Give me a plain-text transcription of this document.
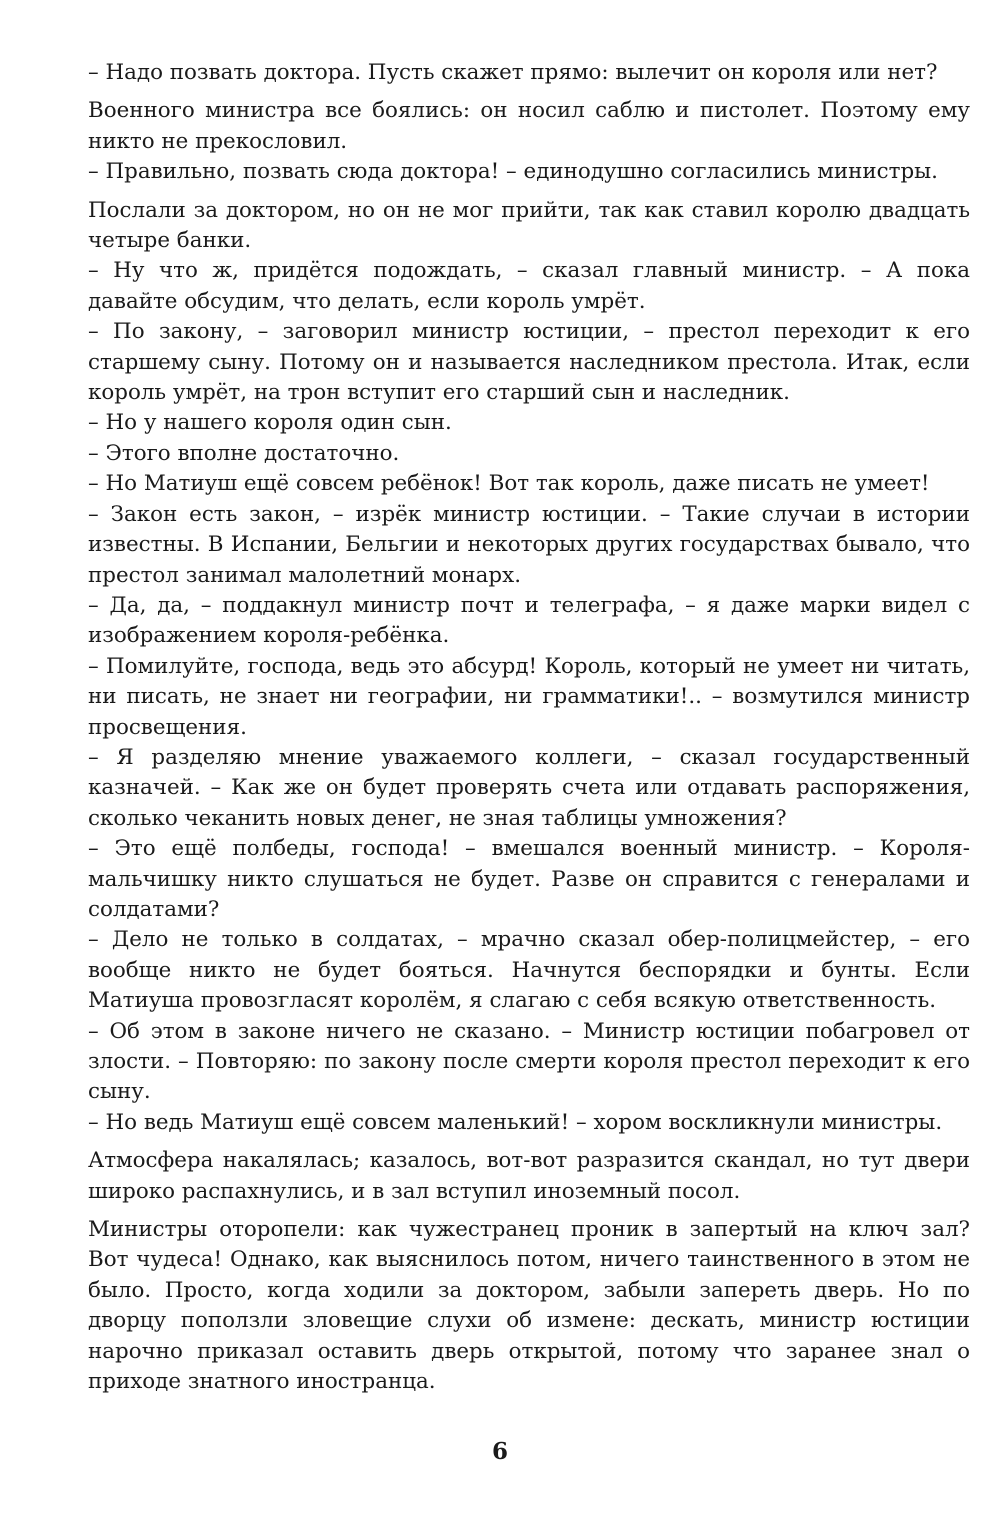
– Надо позвать доктора. Пусть скажет прямо: вылечит он короля или нет?

Военного министра все боялись: он носил саблю и пистолет. Поэтому ему никто не прекословил.

– Правильно, позвать сюда доктора! – единодушно согласились министры.

Послали за доктором, но он не мог прийти, так как ставил королю двадцать четыре банки.

– Ну что ж, придётся подождать, – сказал главный министр. – А пока давайте обсудим, что делать, если король умрёт.

– По закону, – заговорил министр юстиции, – престол переходит к его старшему сыну. Потому он и называется наследником престола. Итак, если король умрёт, на трон вступит его старший сын и наследник.

– Но у нашего короля один сын.

– Этого вполне достаточно.

– Но Матиуш ещё совсем ребёнок! Вот так король, даже писать не умеет!

– Закон есть закон, – изрёк министр юстиции. – Такие случаи в истории известны. В Испании, Бельгии и некоторых других государствах бывало, что престол занимал малолетний монарх.

– Да, да, – поддакнул министр почт и телеграфа, – я даже марки видел с изображением короля-ребёнка.

– Помилуйте, господа, ведь это абсурд! Король, который не умеет ни читать, ни писать, не знает ни географии, ни грамматики!.. – возмутился министр просвещения.

– Я разделяю мнение уважаемого коллеги, – сказал государственный казначей. – Как же он будет проверять счета или отдавать распоряжения, сколько чеканить новых денег, не зная таблицы умножения?

– Это ещё полбеды, господа! – вмешался военный министр. – Короля-мальчишку никто слушаться не будет. Разве он справится с генералами и солдатами?

– Дело не только в солдатах, – мрачно сказал обер-полицмейстер, – его вообще никто не будет бояться. Начнутся беспорядки и бунты. Если Матиуша провозгласят королём, я слагаю с себя всякую ответственность.

– Об этом в законе ничего не сказано. – Министр юстиции побагровел от злости. – Повторяю: по закону после смерти короля престол переходит к его сыну.

– Но ведь Матиуш ещё совсем маленький! – хором воскликнули министры.

Атмосфера накалялась; казалось, вот-вот разразится скандал, но тут двери широко распахнулись, и в зал вступил иноземный посол.

Министры оторопели: как чужестранец проник в запертый на ключ зал? Вот чудеса! Однако, как выяснилось потом, ничего таинственного в этом не было. Просто, когда ходили за доктором, забыли запереть дверь. Но по дворцу поползли зловещие слухи об измене: дескать, министр юстиции нарочно приказал оставить дверь открытой, потому что заранее знал о приходе знатного иностранца.

6
